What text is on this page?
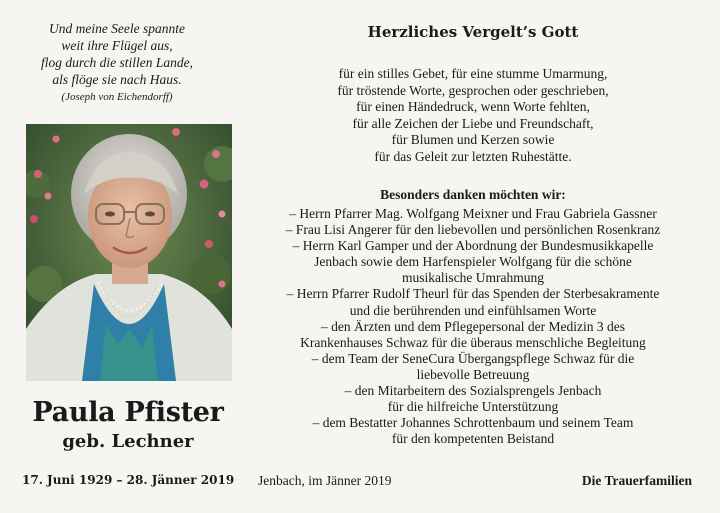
Und meine Seele spannte
weit ihre Flügel aus,
flog durch die stillen Lande,
als flöge sie nach Haus.
(Joseph von Eichendorff)
Paula Pfister
geb. Lechner
17. Juni 1929 – 28. Jänner 2019
Herzliches Vergelt’s Gott
für ein stilles Gebet, für eine stumme Umarmung,
für tröstende Worte, gesprochen oder geschrieben,
für einen Händedruck, wenn Worte fehlten,
für alle Zeichen der Liebe und Freundschaft,
für Blumen und Kerzen sowie
für das Geleit zur letzten Ruhestätte.
Besonders danken möchten wir:
– Herrn Pfarrer Mag. Wolfgang Meixner und Frau Gabriela Gassner
– Frau Lisi Angerer für den liebevollen und persönlichen Rosenkranz
– Herrn Karl Gamper und der Abordnung der Bundesmusikkapelle
Jenbach sowie dem Harfenspieler Wolfgang für die schöne
musikalische Umrahmung
– Herrn Pfarrer Rudolf Theurl für das Spenden der Sterbesakramente
und die berührenden und einfühlsamen Worte
– den Ärzten und dem Pflegepersonal der Medizin 3 des
Krankenhauses Schwaz für die überaus menschliche Begleitung
– dem Team der SeneCura Übergangspflege Schwaz für die
liebevolle Betreuung
– den Mitarbeitern des Sozialsprengels Jenbach
für die hilfreiche Unterstützung
– dem Bestatter Johannes Schrottenbaum und seinem Team
für den kompetenten Beistand
Jenbach, im Jänner 2019	Die Trauerfamilien
